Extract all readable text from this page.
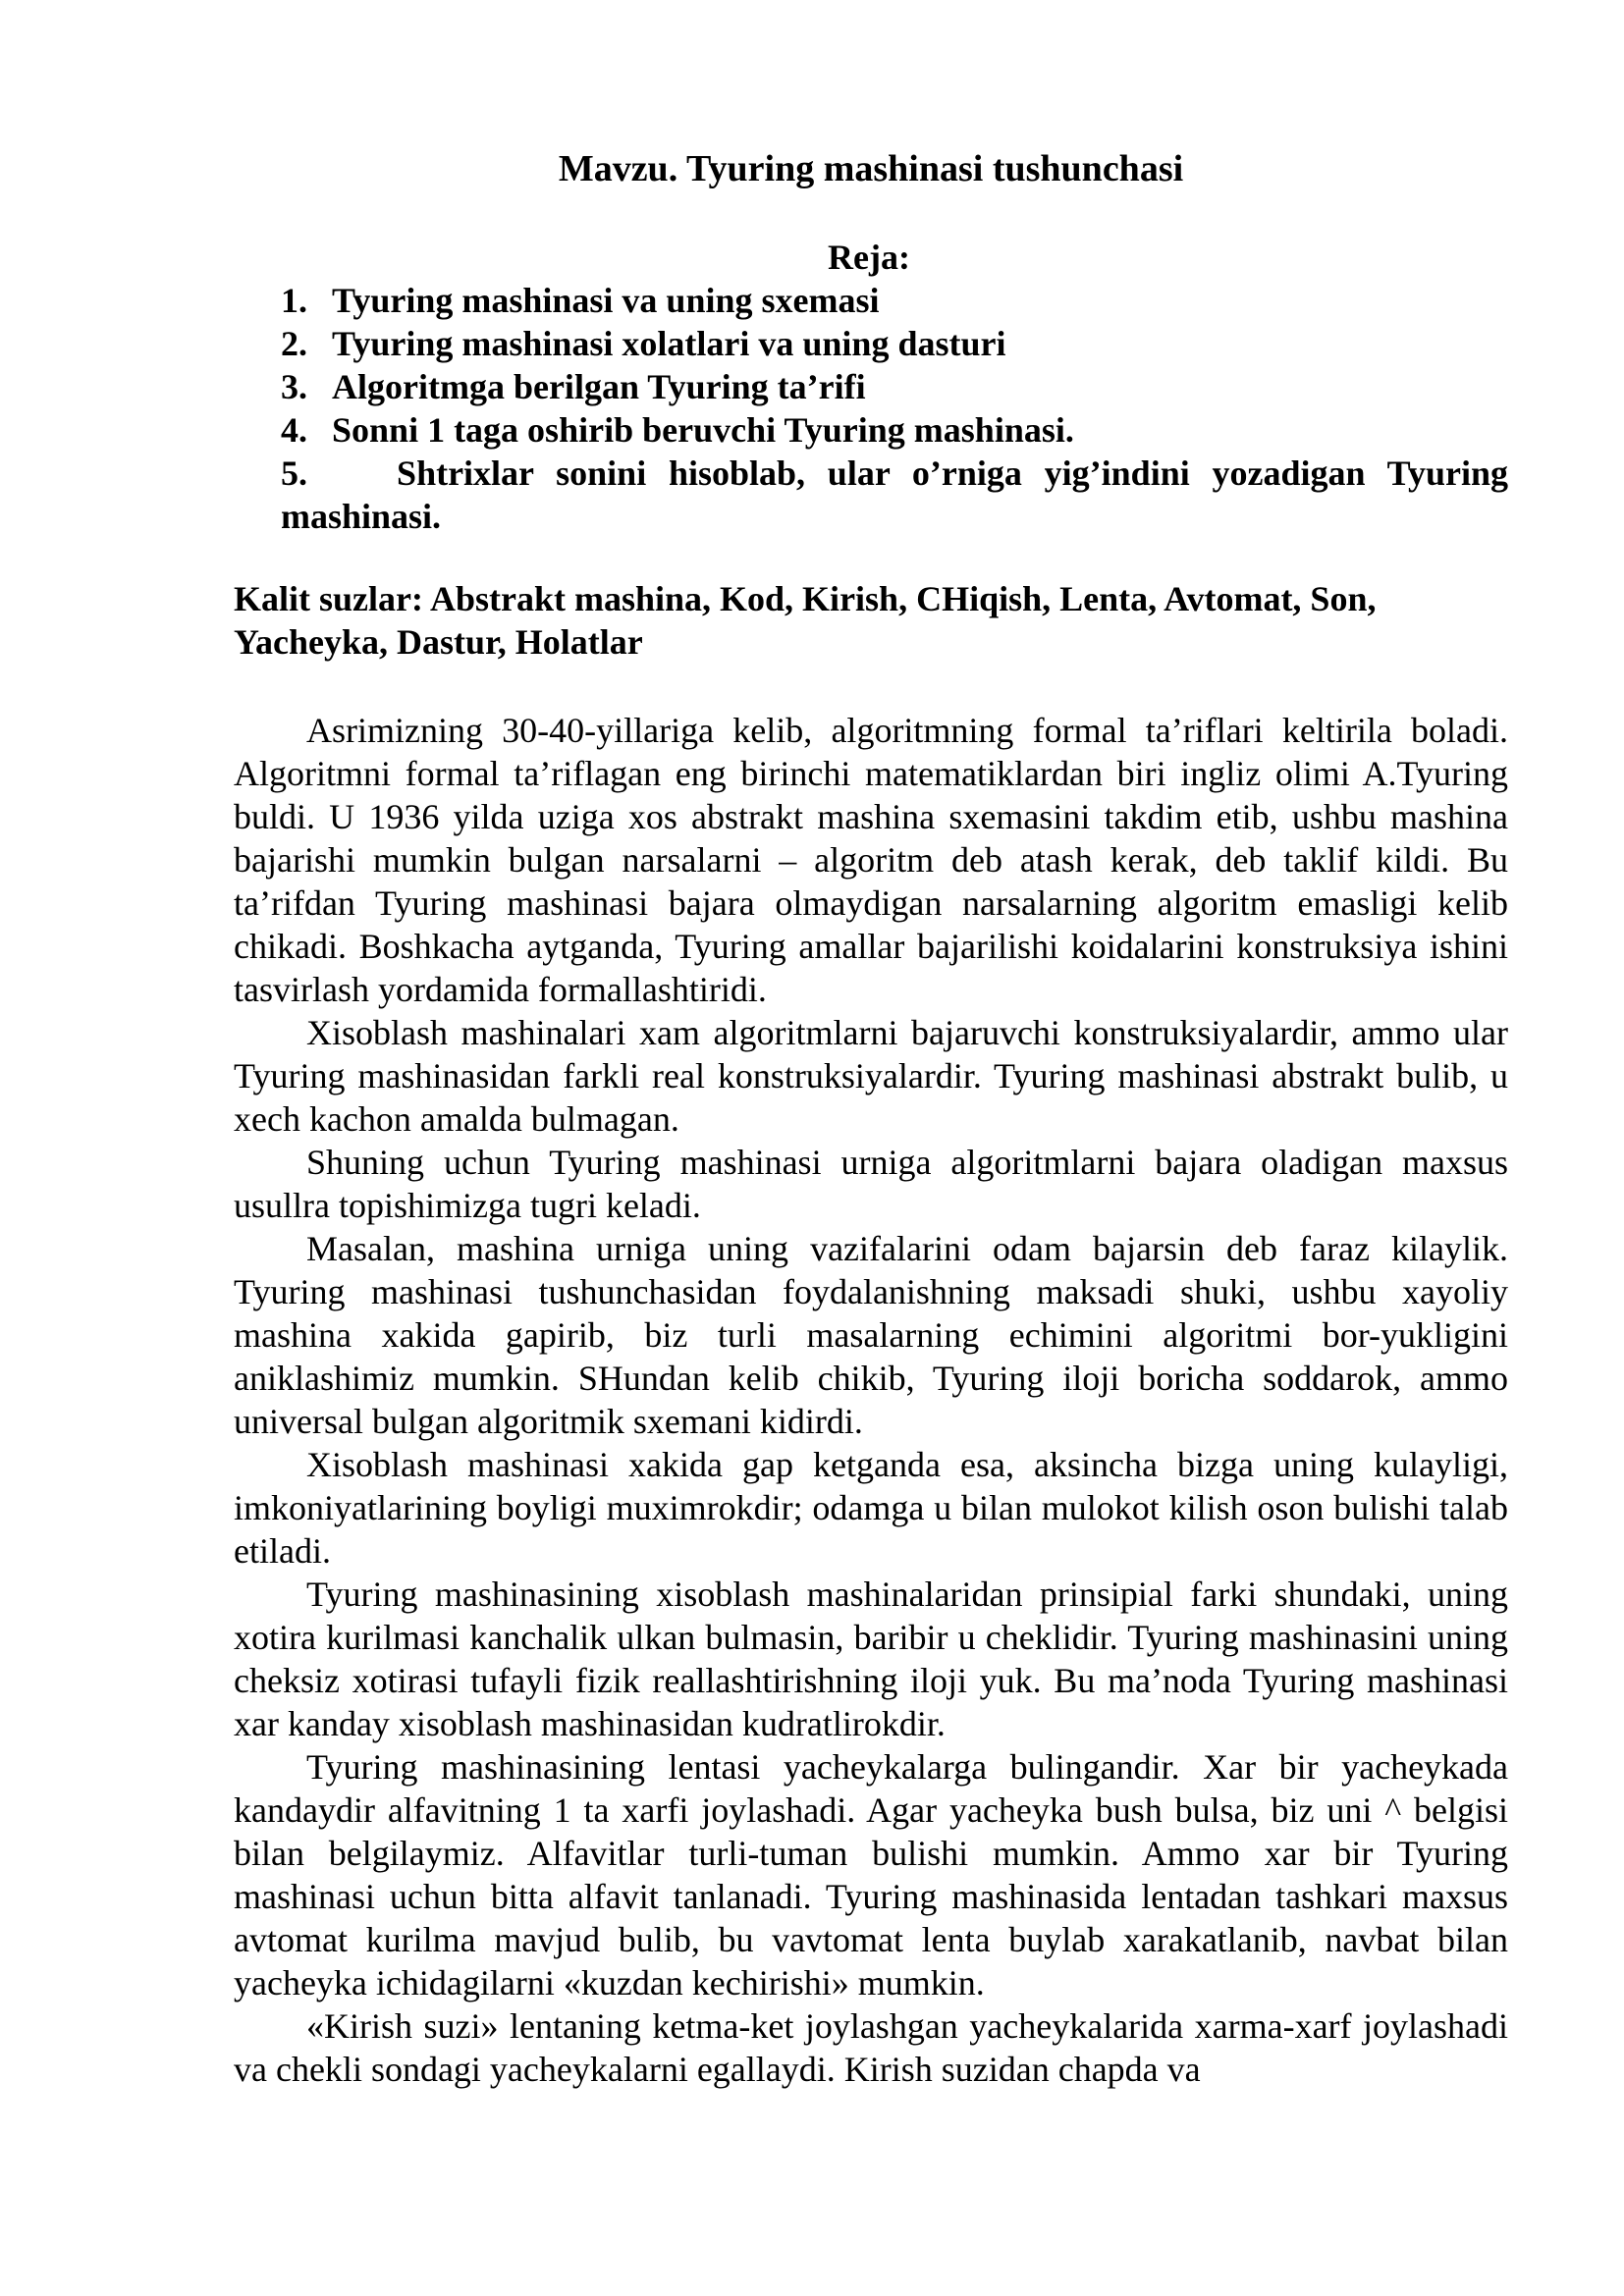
Mavzu. Tyuring mashinasi tushunchasi
Reja:
1. Tyuring mashinasi va uning sxemasi
2. Tyuring mashinasi xolatlari va uning dasturi
3. Algoritmga berilgan Tyuring ta’rifi
4. Sonni 1 taga oshirib beruvchi Tyuring mashinasi.
5.	Shtrixlar sonini hisoblab, ular o’rniga yig’indini yozadigan Tyuring mashinasi.

Kalit suzlar: Abstrakt mashina, Kod, Kirish, CHiqish, Lenta, Avtomat, Son, Yacheyka, Dastur, Holatlar

Asrimizning 30-40-yillariga kelib, algoritmning formal ta’riflari keltirila boladi. Algoritmni formal ta’riflagan eng birinchi matematiklardan biri ingliz olimi A.Tyuring buldi. U 1936 yilda uziga xos abstrakt mashina sxemasini takdim etib, ushbu mashina bajarishi mumkin bulgan narsalarni – algoritm deb atash kerak, deb taklif kildi. Bu ta’rifdan Tyuring mashinasi bajara olmaydigan narsalarning algoritm emasligi kelib chikadi. Boshkacha aytganda, Tyuring amallar bajarilishi koidalarini konstruksiya ishini tasvirlash yordamida formallashtiridi.

Xisoblash mashinalari xam algoritmlarni bajaruvchi konstruksiyalardir, ammo ular Tyuring mashinasidan farkli real konstruksiyalardir. Tyuring mashinasi abstrakt bulib, u xech kachon amalda bulmagan.

Shuning uchun Tyuring mashinasi urniga algoritmlarni bajara oladigan maxsus usullra topishimizga tugri keladi.

Masalan, mashina urniga uning vazifalarini odam bajarsin deb faraz kilaylik. Tyuring mashinasi tushunchasidan foydalanishning maksadi shuki, ushbu xayoliy mashina xakida gapirib, biz turli masalarning echimini algoritmi bor-yukligini aniklashimiz mumkin. SHundan kelib chikib, Tyuring iloji boricha soddarok, ammo universal bulgan algoritmik sxemani kidirdi.

Xisoblash mashinasi xakida gap ketganda esa, aksincha bizga uning kulayligi, imkoniyatlarining boyligi muximrokdir; odamga u bilan mulokot kilish oson bulishi talab etiladi.

Tyuring mashinasining xisoblash mashinalaridan prinsipial farki shundaki, uning xotira kurilmasi kanchalik ulkan bulmasin, baribir u cheklidir. Tyuring mashinasini uning cheksiz xotirasi tufayli fizik reallashtirishning iloji yuk. Bu ma’noda Tyuring mashinasi xar kanday xisoblash mashinasidan kudratlirokdir.

Tyuring mashinasining lentasi yacheykalarga bulingandir. Xar bir yacheykada kandaydir alfavitning 1 ta xarfi joylashadi. Agar yacheyka bush bulsa, biz uni ^ belgisi bilan belgilaymiz. Alfavitlar turli-tuman bulishi mumkin. Ammo xar bir Tyuring mashinasi uchun bitta alfavit tanlanadi. Tyuring mashinasida lentadan tashkari maxsus avtomat kurilma mavjud bulib, bu vavtomat lenta buylab xarakatlanib, navbat bilan yacheyka ichidagilarni «kuzdan kechirishi» mumkin.

«Kirish suzi» lentaning ketma-ket joylashgan yacheykalarida xarma-xarf joylashadi va chekli sondagi yacheykalarni egallaydi. Kirish suzidan chapda va
